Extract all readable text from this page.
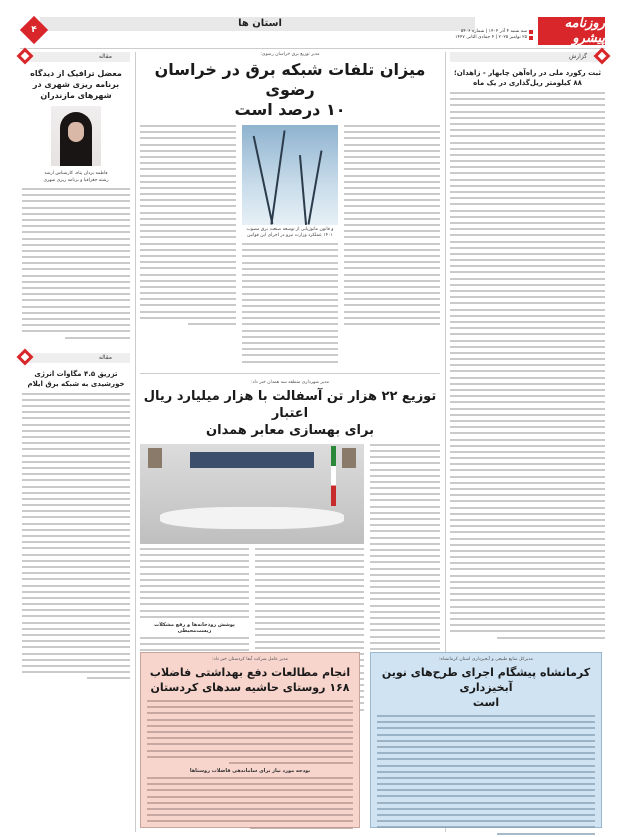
استان ها	روزنامه پیشرو
سه شنبه ۴ آذر ۱۴۰۴ | شماره ۵۴۰۶
۲۵ نوامبر ۲۰۲۵ | ۴ جمادی الثانی ۱۴۴۷
۴
مقاله
معضل ترافیک از دیدگاه برنامه ریزی شهری در شهرهای مازندران
فاطمه یزدان پناه، کارشناس ارشد
رشته جغرافیا و برنامه ریزی شهری
مقاله
تزریق ۴.۵ مگاوات انرژی خورشیدی به شبکه برق ایلام
مدیر توزیع برق خراسان رضوی:
میزان تلفات شبکه برق در خراسان رضوی
۱۰ درصد است
و قانون مانوژیابی از توسعه صنعت برق مصوب ۱۴۰۱ عملکرد وزارت نیرو در اجرای این قوانین
مدیر شهرداری منطقه سه همدان خبر داد:
توزیع ۲۲ هزار تن آسفالت با هزار میلیارد ریال اعتبار
برای بهسازی معابر همدان
پوشش روذخانه‌ها و رفع مشکلات زیست‌محیطی
گزارش
ثبت رکورد ملی در راه‌آهن چابهار - زاهدان؛ ۸۸ کیلومتر ریل‌گذاری در یک ماه
مدیر عامل شرکت آبفا کردستان خبر داد:
انجام مطالعات دفع بهداشتی فاضلاب
۱۶۸ روستای حاشیه سدهای کردستان
بودجه مورد نیاز برای ساماندهی فاضلاب روستاها
مدیرکل منابع طبیعی و آبخیزداری استان کرمانشاه:
کرمانشاه پیشگام اجرای طرح‌های نوین آبخیزداری
است
